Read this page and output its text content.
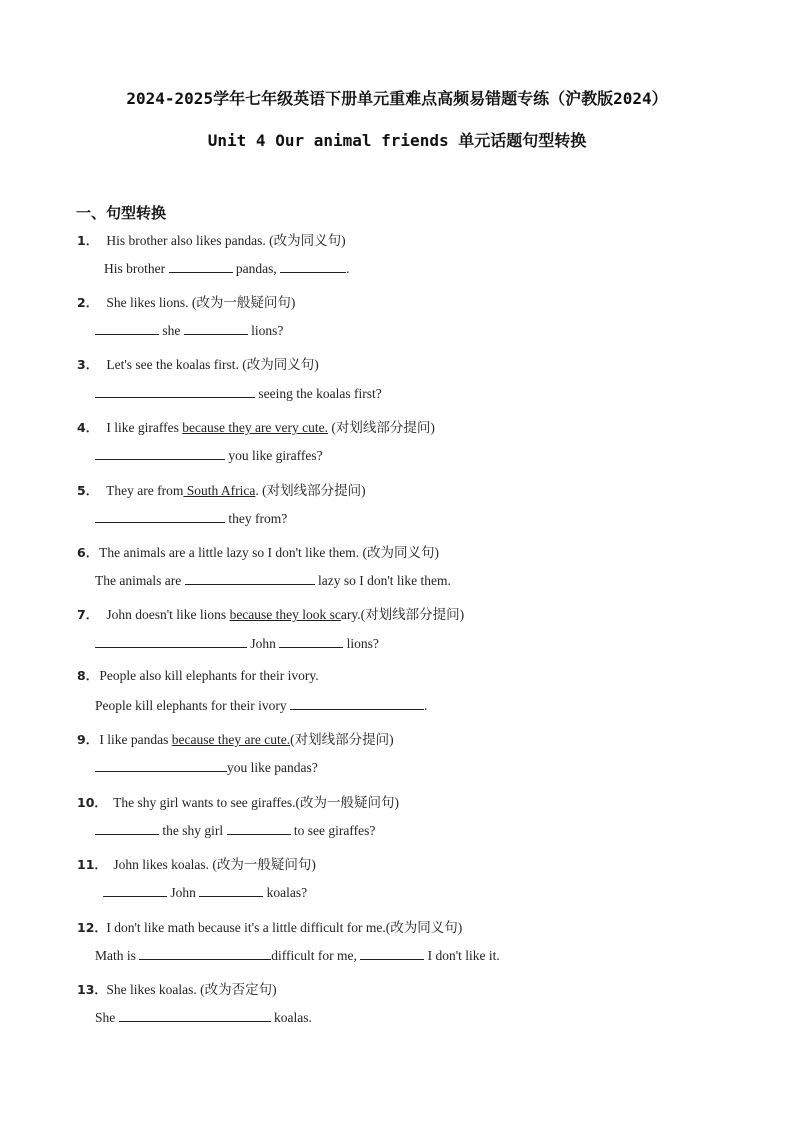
2024-2025学年七年级英语下册单元重难点高频易错题专练（沪教版2024）
Unit 4 Our animal friends 单元话题句型转换
一、句型转换
1． His brother also likes pandas. (改为同义句)
His brother	pandas,	.
2． She likes lions. (改为一般疑问句)
she	lions?
3． Let's see the koalas first. (改为同义句)
seeing the koalas first?
4． I like giraffes because they are very cute. (对划线部分提问)
you like giraffes?
5． They are from South Africa. (对划线部分提问)
they from?
6． The animals are a little lazy so I don't like them. (改为同义句)
The animals are	lazy so I don't like them.
7． John doesn't like lions because they look scary.(对划线部分提问)
John	lions?
8． People also kill elephants for their ivory.
People kill elephants for their ivory	.
9． I like pandas because they are cute.(对划线部分提问)
you like pandas?
10． The shy girl wants to see giraffes.(改为一般疑问句)
the shy girl	to see giraffes?
11． John likes koalas. (改为一般疑问句)
John	koalas?
12． I don't like math because it's a little difficult for me.(改为同义句)
Math is	difficult for me,	I don't like it.
13． She likes koalas. (改为否定句)
She	koalas.
